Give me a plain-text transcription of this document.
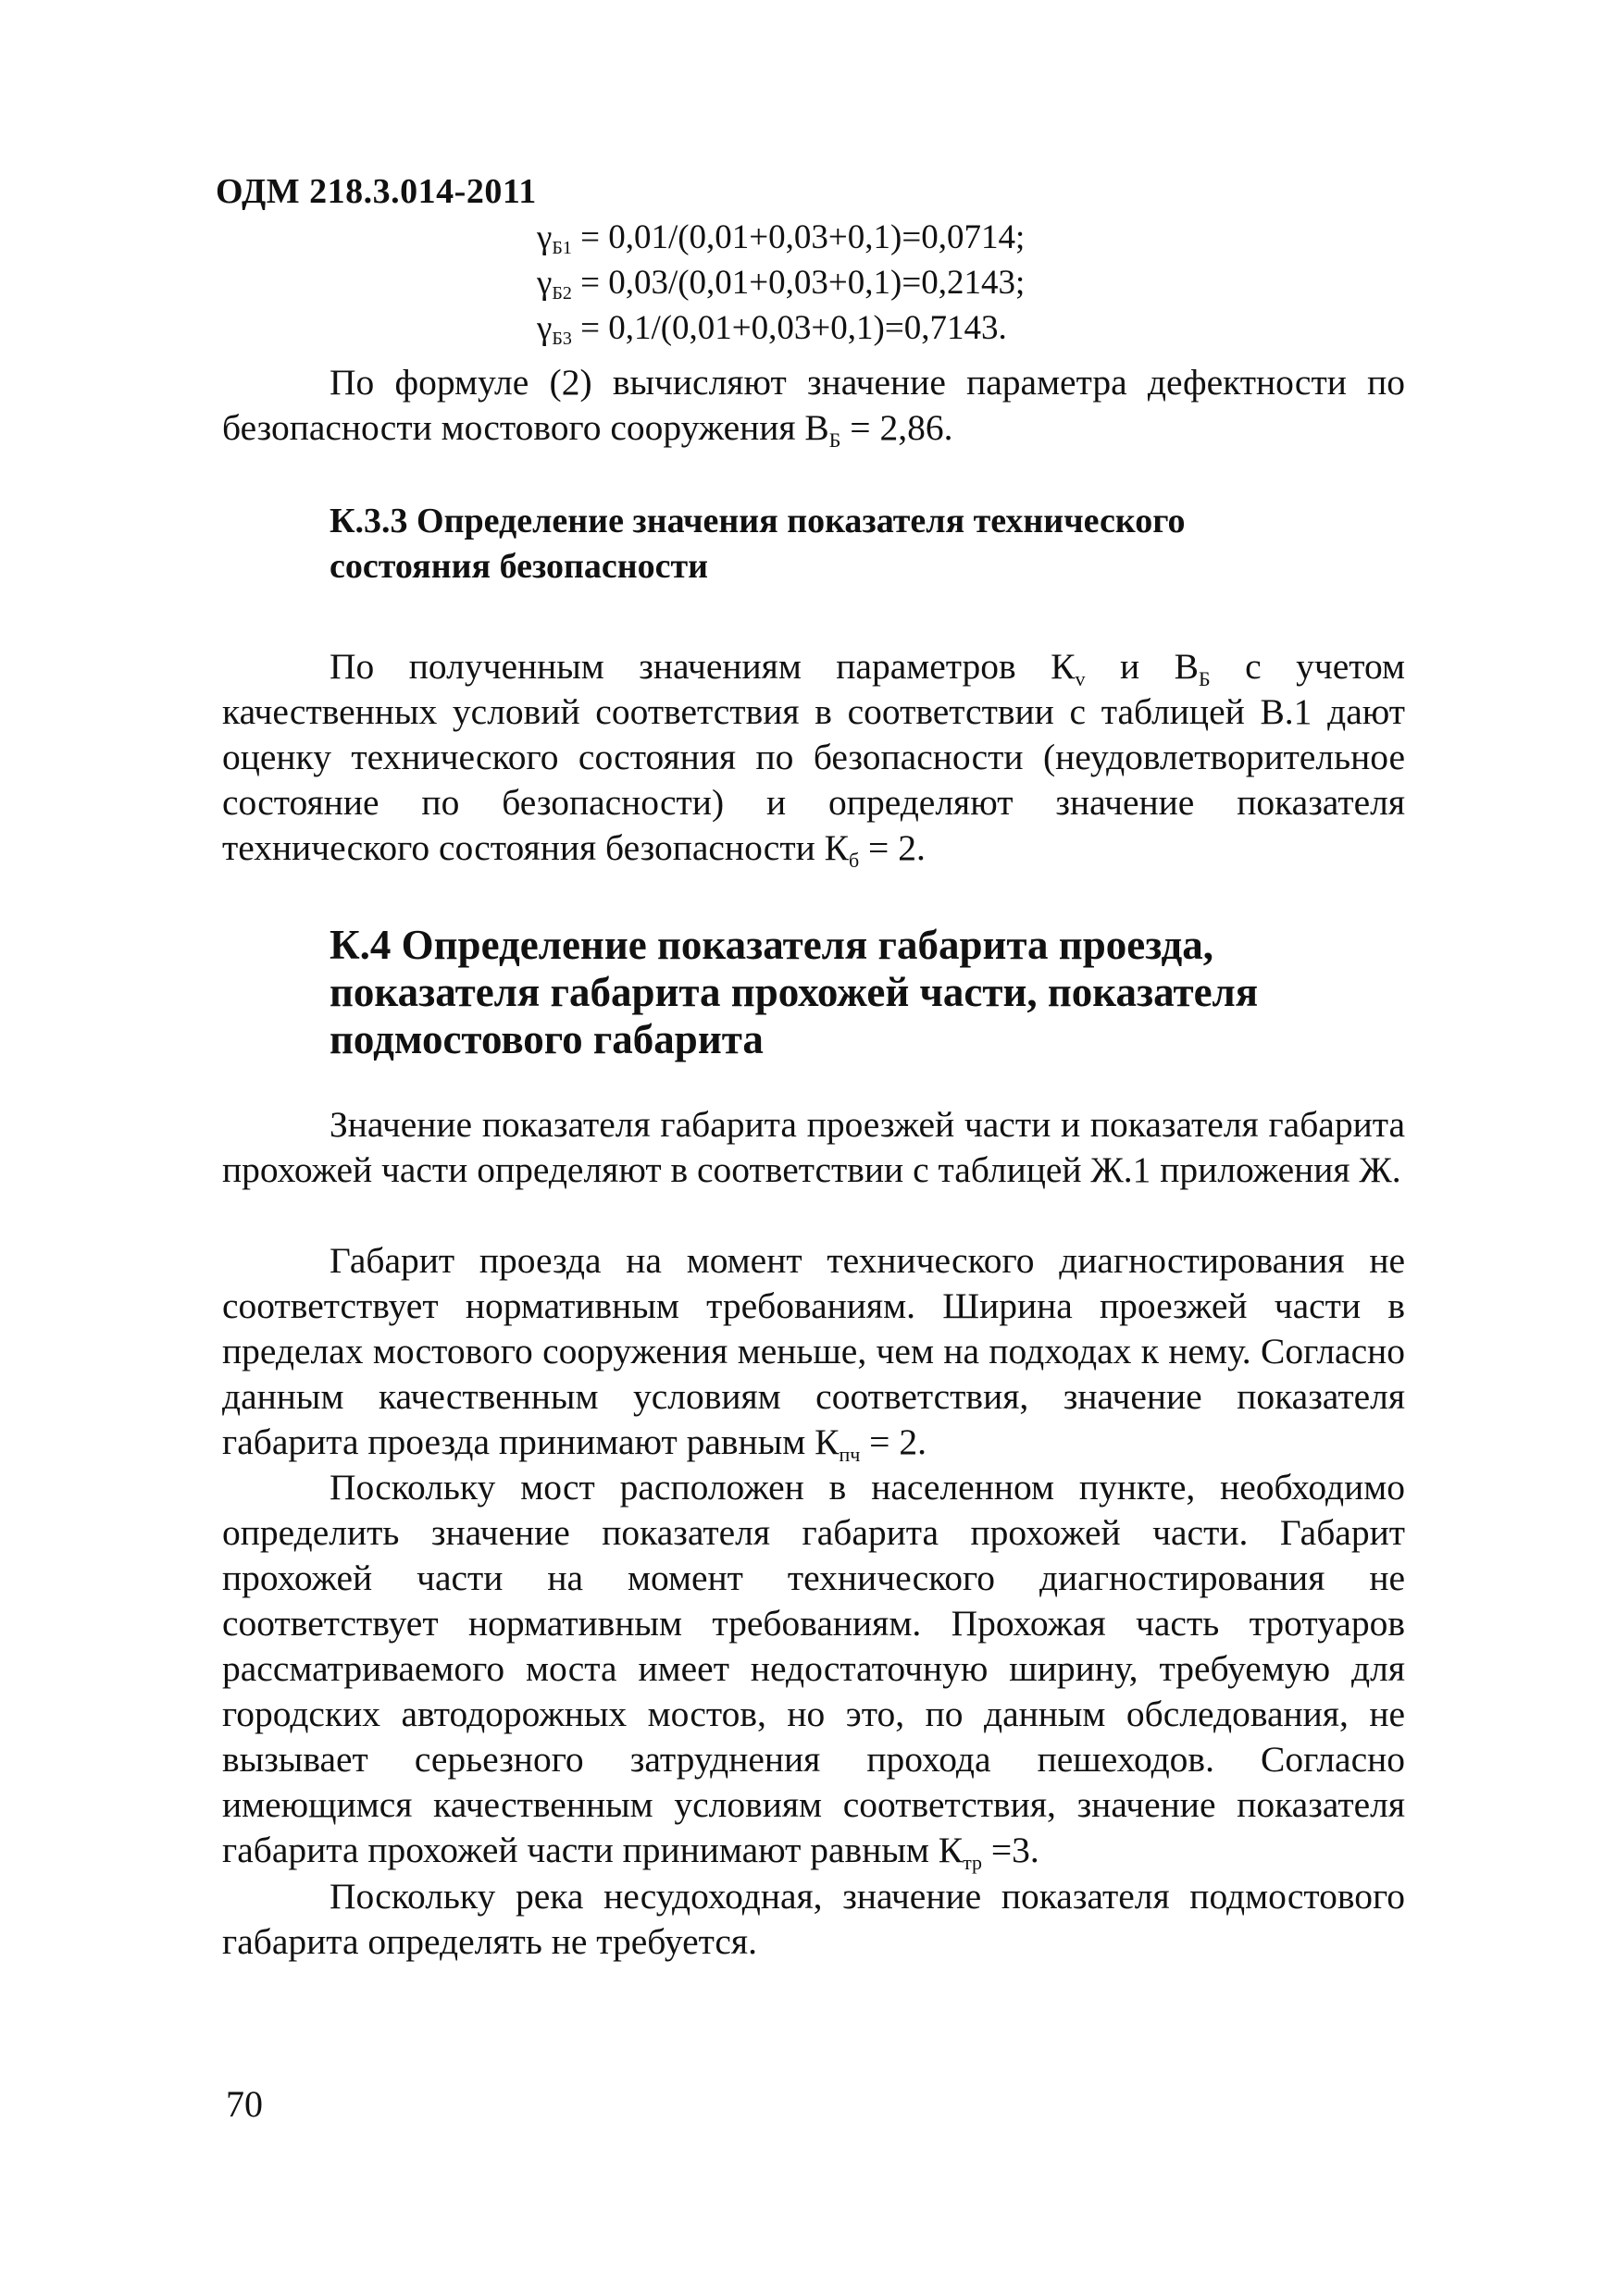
ОДМ 218.3.014-2011
$\gamma_{Б1} = 0,01/(0,01+0,03+0,1)=0,0714$;
$\gamma_{Б2} = 0,03/(0,01+0,03+0,1)=0,2143$;
$\gamma_{Б3} = 0,1/(0,01+0,03+0,1)=0,7143$.

По формуле (2) вычисляют значение параметра дефектности по безопасности мостового сооружения $В_Б = 2,86$.

К.3.3 Определение значения показателя технического
состояния безопасности

По полученным значениям параметров $К_v$ и $В_Б$ с учетом качественных условий соответствия в соответствии с таблицей В.1 дают оценку технического состояния по безопасности (неудовлетворительное состояние по безопасности) и определяют значение показателя технического состояния безопасности $К_б = 2$.

К.4 Определение показателя габарита проезда,
показателя габарита прохожей части, показателя
подмостового габарита

Значение показателя габарита проезжей части и показателя габарита прохожей части определяют в соответствии с таблицей Ж.1 приложения Ж.

Габарит проезда на момент технического диагностирования не соответствует нормативным требованиям. Ширина проезжей части в пределах мостового сооружения меньше, чем на подходах к нему. Согласно данным качественным условиям соответствия, значение показателя габарита проезда принимают равным $К_{пч} = 2$.

Поскольку мост расположен в населенном пункте, необходимо определить значение показателя габарита прохожей части. Габарит прохожей части на момент технического диагностирования не соответствует нормативным требованиям. Прохожая часть тротуаров рассматриваемого моста имеет недостаточную ширину, требуемую для городских автодорожных мостов, но это, по данным обследования, не вызывает серьезного затруднения прохода пешеходов. Согласно имеющимся качественным условиям соответствия, значение показателя габарита прохожей части принимают равным $К_{тр} =3$.

Поскольку река несудоходная, значение показателя подмостового габарита определять не требуется.

70
